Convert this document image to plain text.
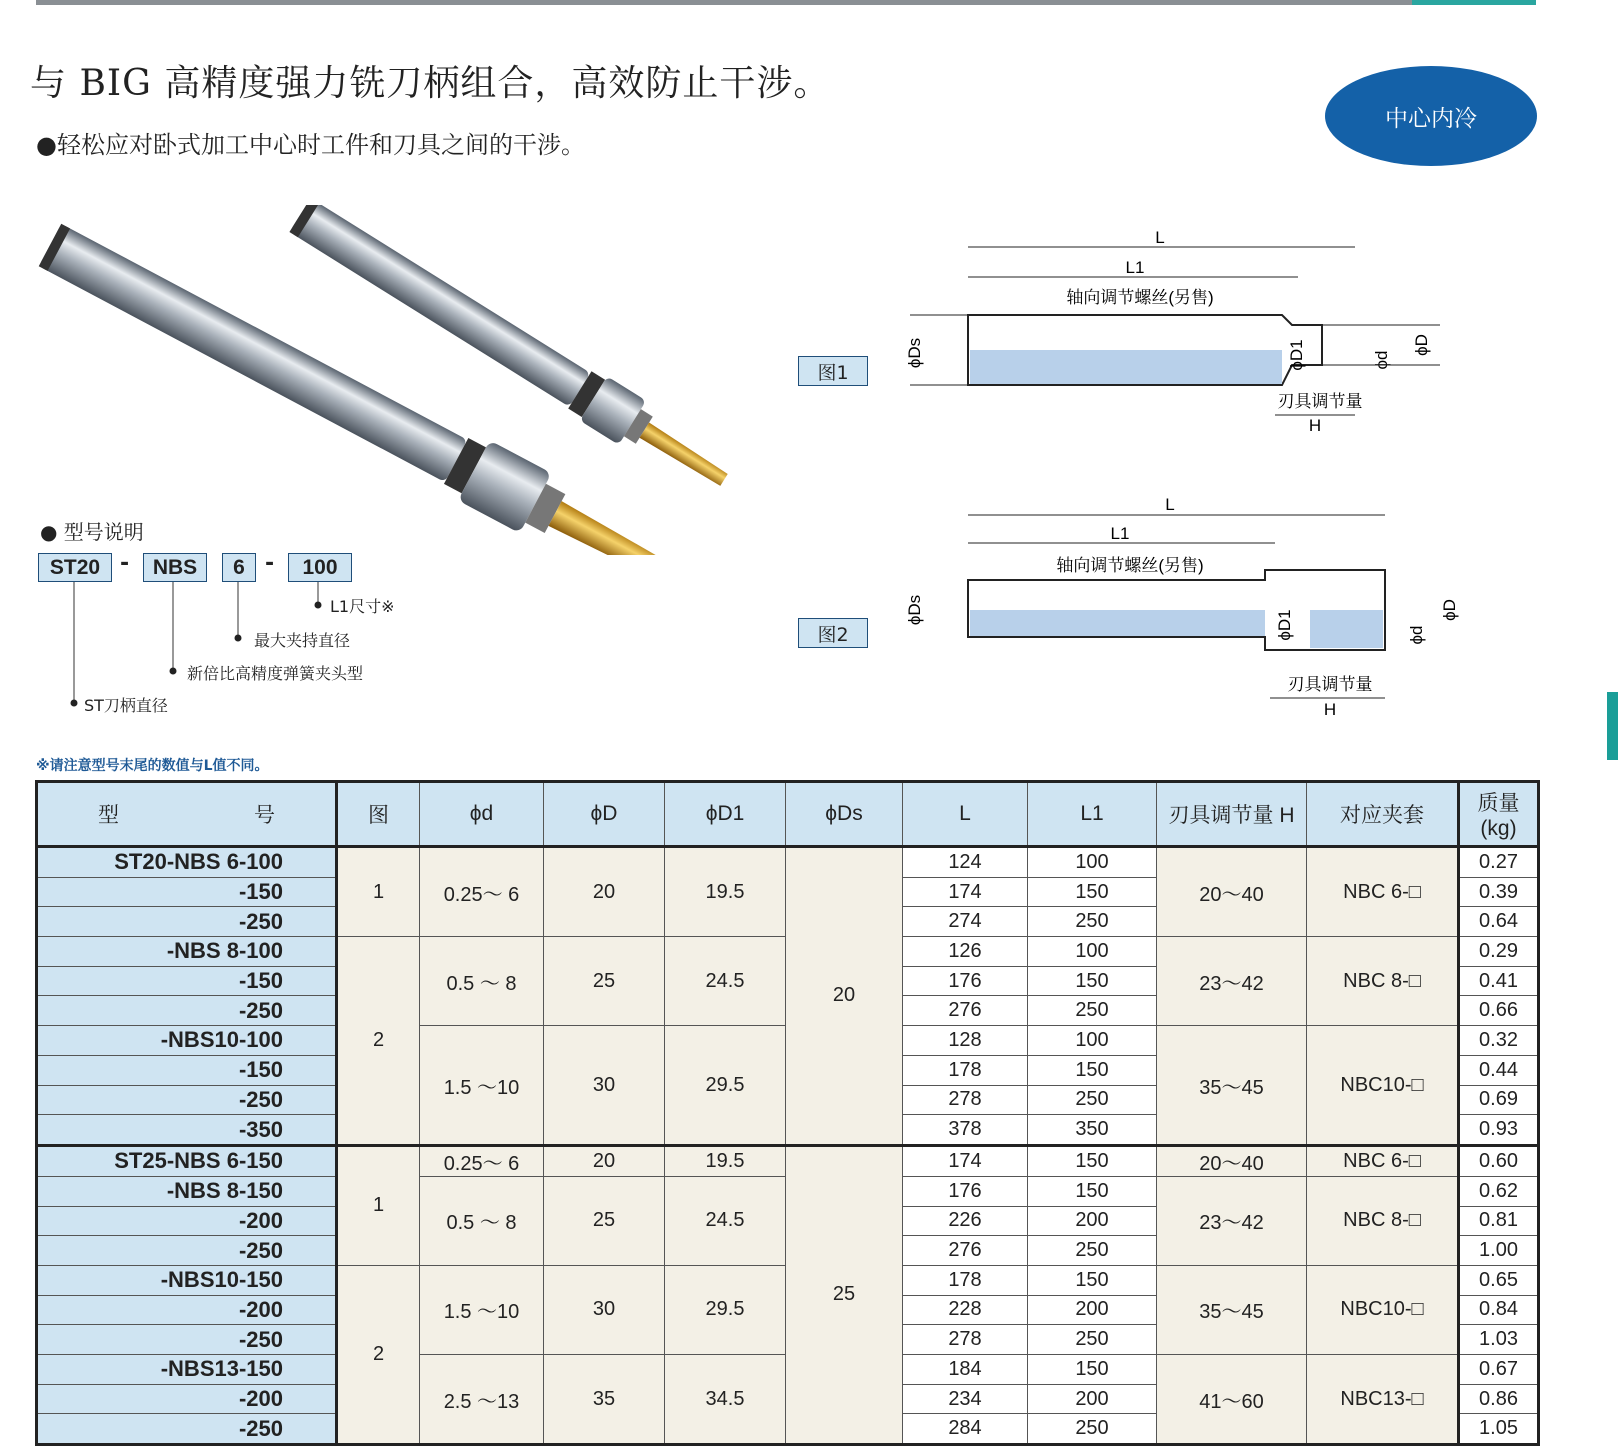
与 BIG 高精度强力铣刀柄组合，高效防止干涉。
●轻松应对卧式加工中心时工件和刀具之间的干涉。
中心内冷
L
L1
轴向调节螺丝(另售)
ϕDs	ϕD1	ϕd
ϕD
刃具调节量
H
L
L1
轴向调节螺丝(另售)
ϕDs	ϕD1	ϕd
ϕD
刃具调节量
H
图1
图2
● 型号说明
ST20 -	NBS	6 -	100
L1尺寸※
最大夹持直径
新倍比高精度弹簧夹头型
ST刀柄直径
※请注意型号末尾的数值与L值不同。
型 号	图	ϕd	ϕD	ϕD1	ϕDs	L	L1	刃具调节量 H	对应夹套	质量
(kg)
ST20-NBS 6-100	1	0.25～ 6	20	19.5	20	124	100	20～40	NBC 6-□	0.27
-150						174	150			0.39
-250						274	250			0.64
-NBS 8-100	2	0.5 ～ 8	25	24.5		126	100	23～42	NBC 8-□	0.29
-150						176	150			0.41
-250						276	250			0.66
-NBS10-100		1.5 ～10	30	29.5		128	100	35～45	NBC10-□	0.32
-150						178	150			0.44
-250						278	250			0.69
-350						378	350			0.93
ST25-NBS 6-150	1	0.25～ 6	20	19.5	25	174	150	20～40	NBC 6-□	0.60
-NBS 8-150		0.5 ～ 8	25	24.5		176	150	23～42	NBC 8-□	0.62
-200						226	200			0.81
-250						276	250			1.00
-NBS10-150	2	1.5 ～10	30	29.5		178	150	35～45	NBC10-□	0.65
-200						228	200			0.84
-250						278	250			1.03
-NBS13-150		2.5 ～13	35	34.5		184	150	41～60	NBC13-□	0.67
-200						234	200			0.86
-250						284	250			1.05
